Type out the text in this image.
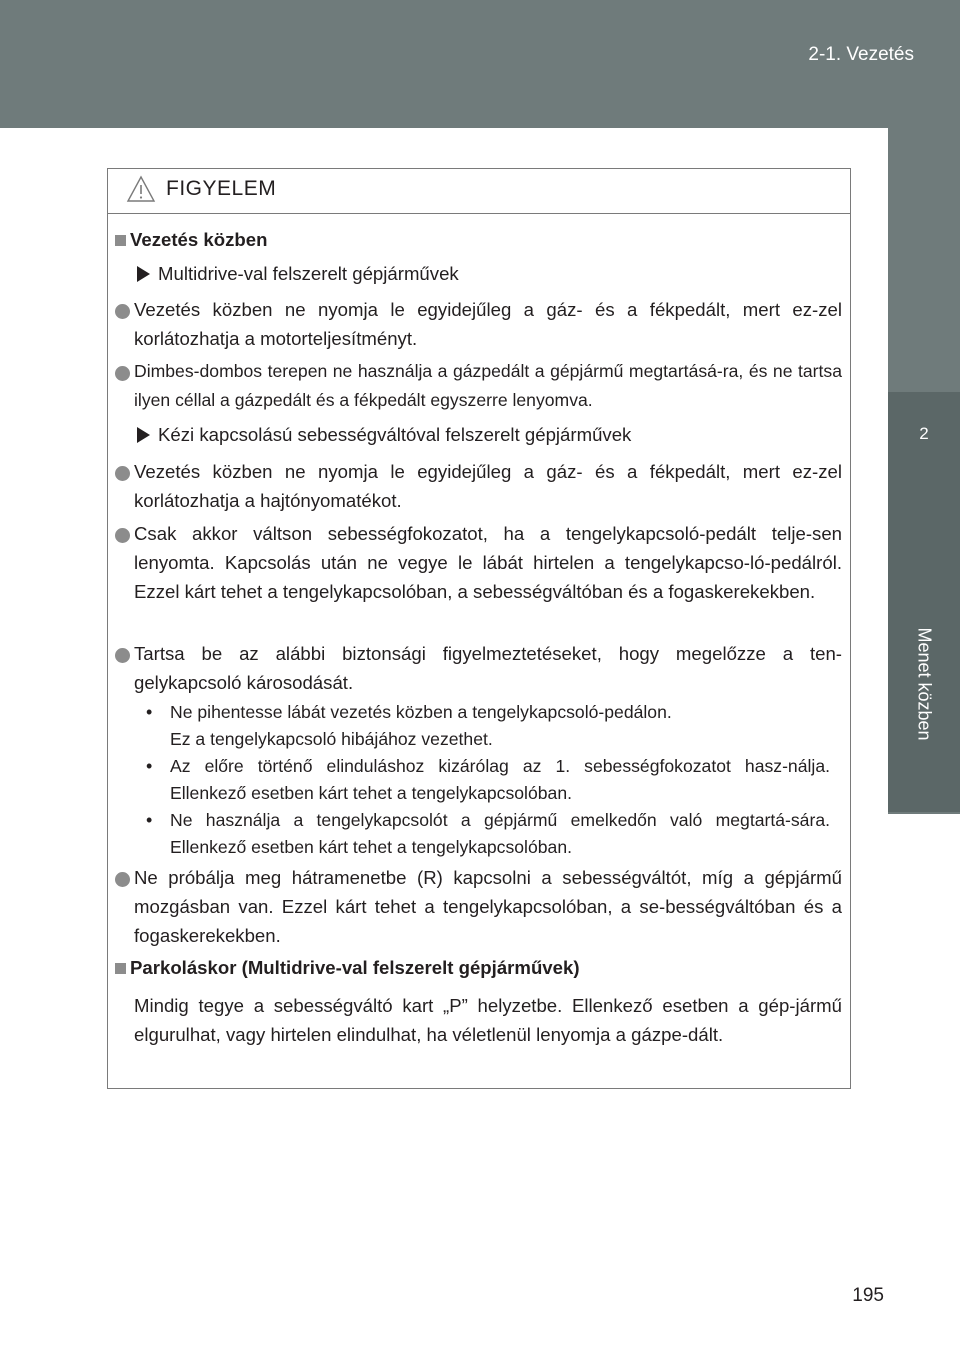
2-1. Vezetés
2
Menet közben
FIGYELEM
Vezetés közben
Multidrive-val felszerelt gépjárművek
Vezetés közben ne nyomja le egyidejűleg a gáz- és a fékpedált, mert ez-zel korlátozhatja a motorteljesítményt.
Dimbes-dombos terepen ne használja a gázpedált a gépjármű megtartásá-ra, és ne tartsa ilyen céllal a gázpedált és a fékpedált egyszerre lenyomva.
Kézi kapcsolású sebességváltóval felszerelt gépjárművek
Vezetés közben ne nyomja le egyidejűleg a gáz- és a fékpedált, mert ez-zel korlátozhatja a hajtónyomatékot.
Csak akkor váltson sebességfokozatot, ha a tengelykapcsoló-pedált telje-sen lenyomta. Kapcsolás után ne vegye le lábát hirtelen a tengelykapcso-ló-pedálról. Ezzel kárt tehet a tengelykapcsolóban, a sebességváltóban és a fogaskerekekben.
Tartsa be az alábbi biztonsági figyelmeztetéseket, hogy megelőzze a ten-gelykapcsoló károsodását.
• Ne pihentesse lábát vezetés közben a tengelykapcsoló-pedálon.
Ez a tengelykapcsoló hibájához vezethet.
• Az előre történő elinduláshoz kizárólag az 1. sebességfokozatot hasz-nálja. Ellenkező esetben kárt tehet a tengelykapcsolóban.
• Ne használja a tengelykapcsolót a gépjármű emelkedőn való megtartá-sára. Ellenkező esetben kárt tehet a tengelykapcsolóban.
Ne próbálja meg hátramenetbe (R) kapcsolni a sebességváltót, míg a gépjármű mozgásban van. Ezzel kárt tehet a tengelykapcsolóban, a se-bességváltóban és a fogaskerekekben.
Parkoláskor (Multidrive-val felszerelt gépjárművek)
Mindig tegye a sebességváltó kart „P” helyzetbe. Ellenkező esetben a gép-jármű elgurulhat, vagy hirtelen elindulhat, ha véletlenül lenyomja a gázpe-dált.
195
